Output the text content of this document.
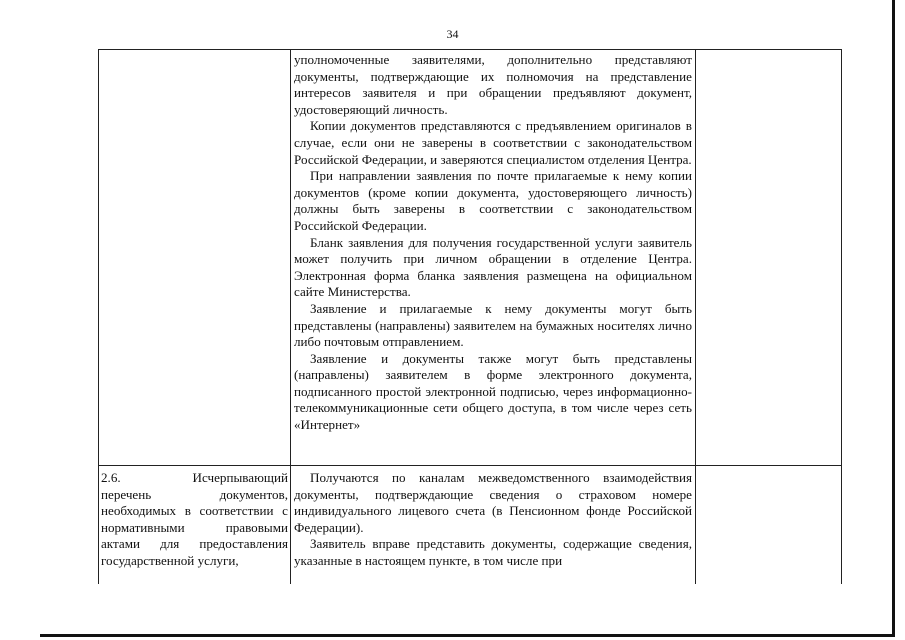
34

уполномоченные заявителями, дополнительно представляют документы, подтверждающие их полномочия на представление интересов заявителя и при обращении предъявляют документ, удостоверяющий личность.

Копии документов представляются с предъявлением оригиналов в случае, если они не заверены в соответствии с законодательством Российской Федерации, и заверяются специалистом отделения Центра.

При направлении заявления по почте прилагаемые к нему копии документов (кроме копии документа, удостоверяющего личность) должны быть заверены в соответствии с законодательством Российской Федерации.

Бланк заявления для получения государственной услуги заявитель может получить при личном обращении в отделение Центра. Электронная форма бланка заявления размещена на официальном сайте Министерства.

Заявление и прилагаемые к нему документы могут быть представлены (направлены) заявителем на бумажных носителях лично либо почтовым отправлением.

Заявление и документы также могут быть представлены (направлены) заявителем в форме электронного документа, подписанного простой электронной подписью, через информационно-телекоммуникационные сети общего доступа, в том числе через сеть «Интернет»

2.6.	Исчерпывающий
перечень документов, необходимых в соответствии с нормативными правовыми актами для предоставления государственной услуги,

Получаются по каналам межведомственного взаимодействия документы, подтверждающие сведения о страховом номере индивидуального лицевого счета (в Пенсионном фонде Российской Федерации).

Заявитель вправе представить документы, содержащие сведения, указанные в настоящем пункте, в том числе при
